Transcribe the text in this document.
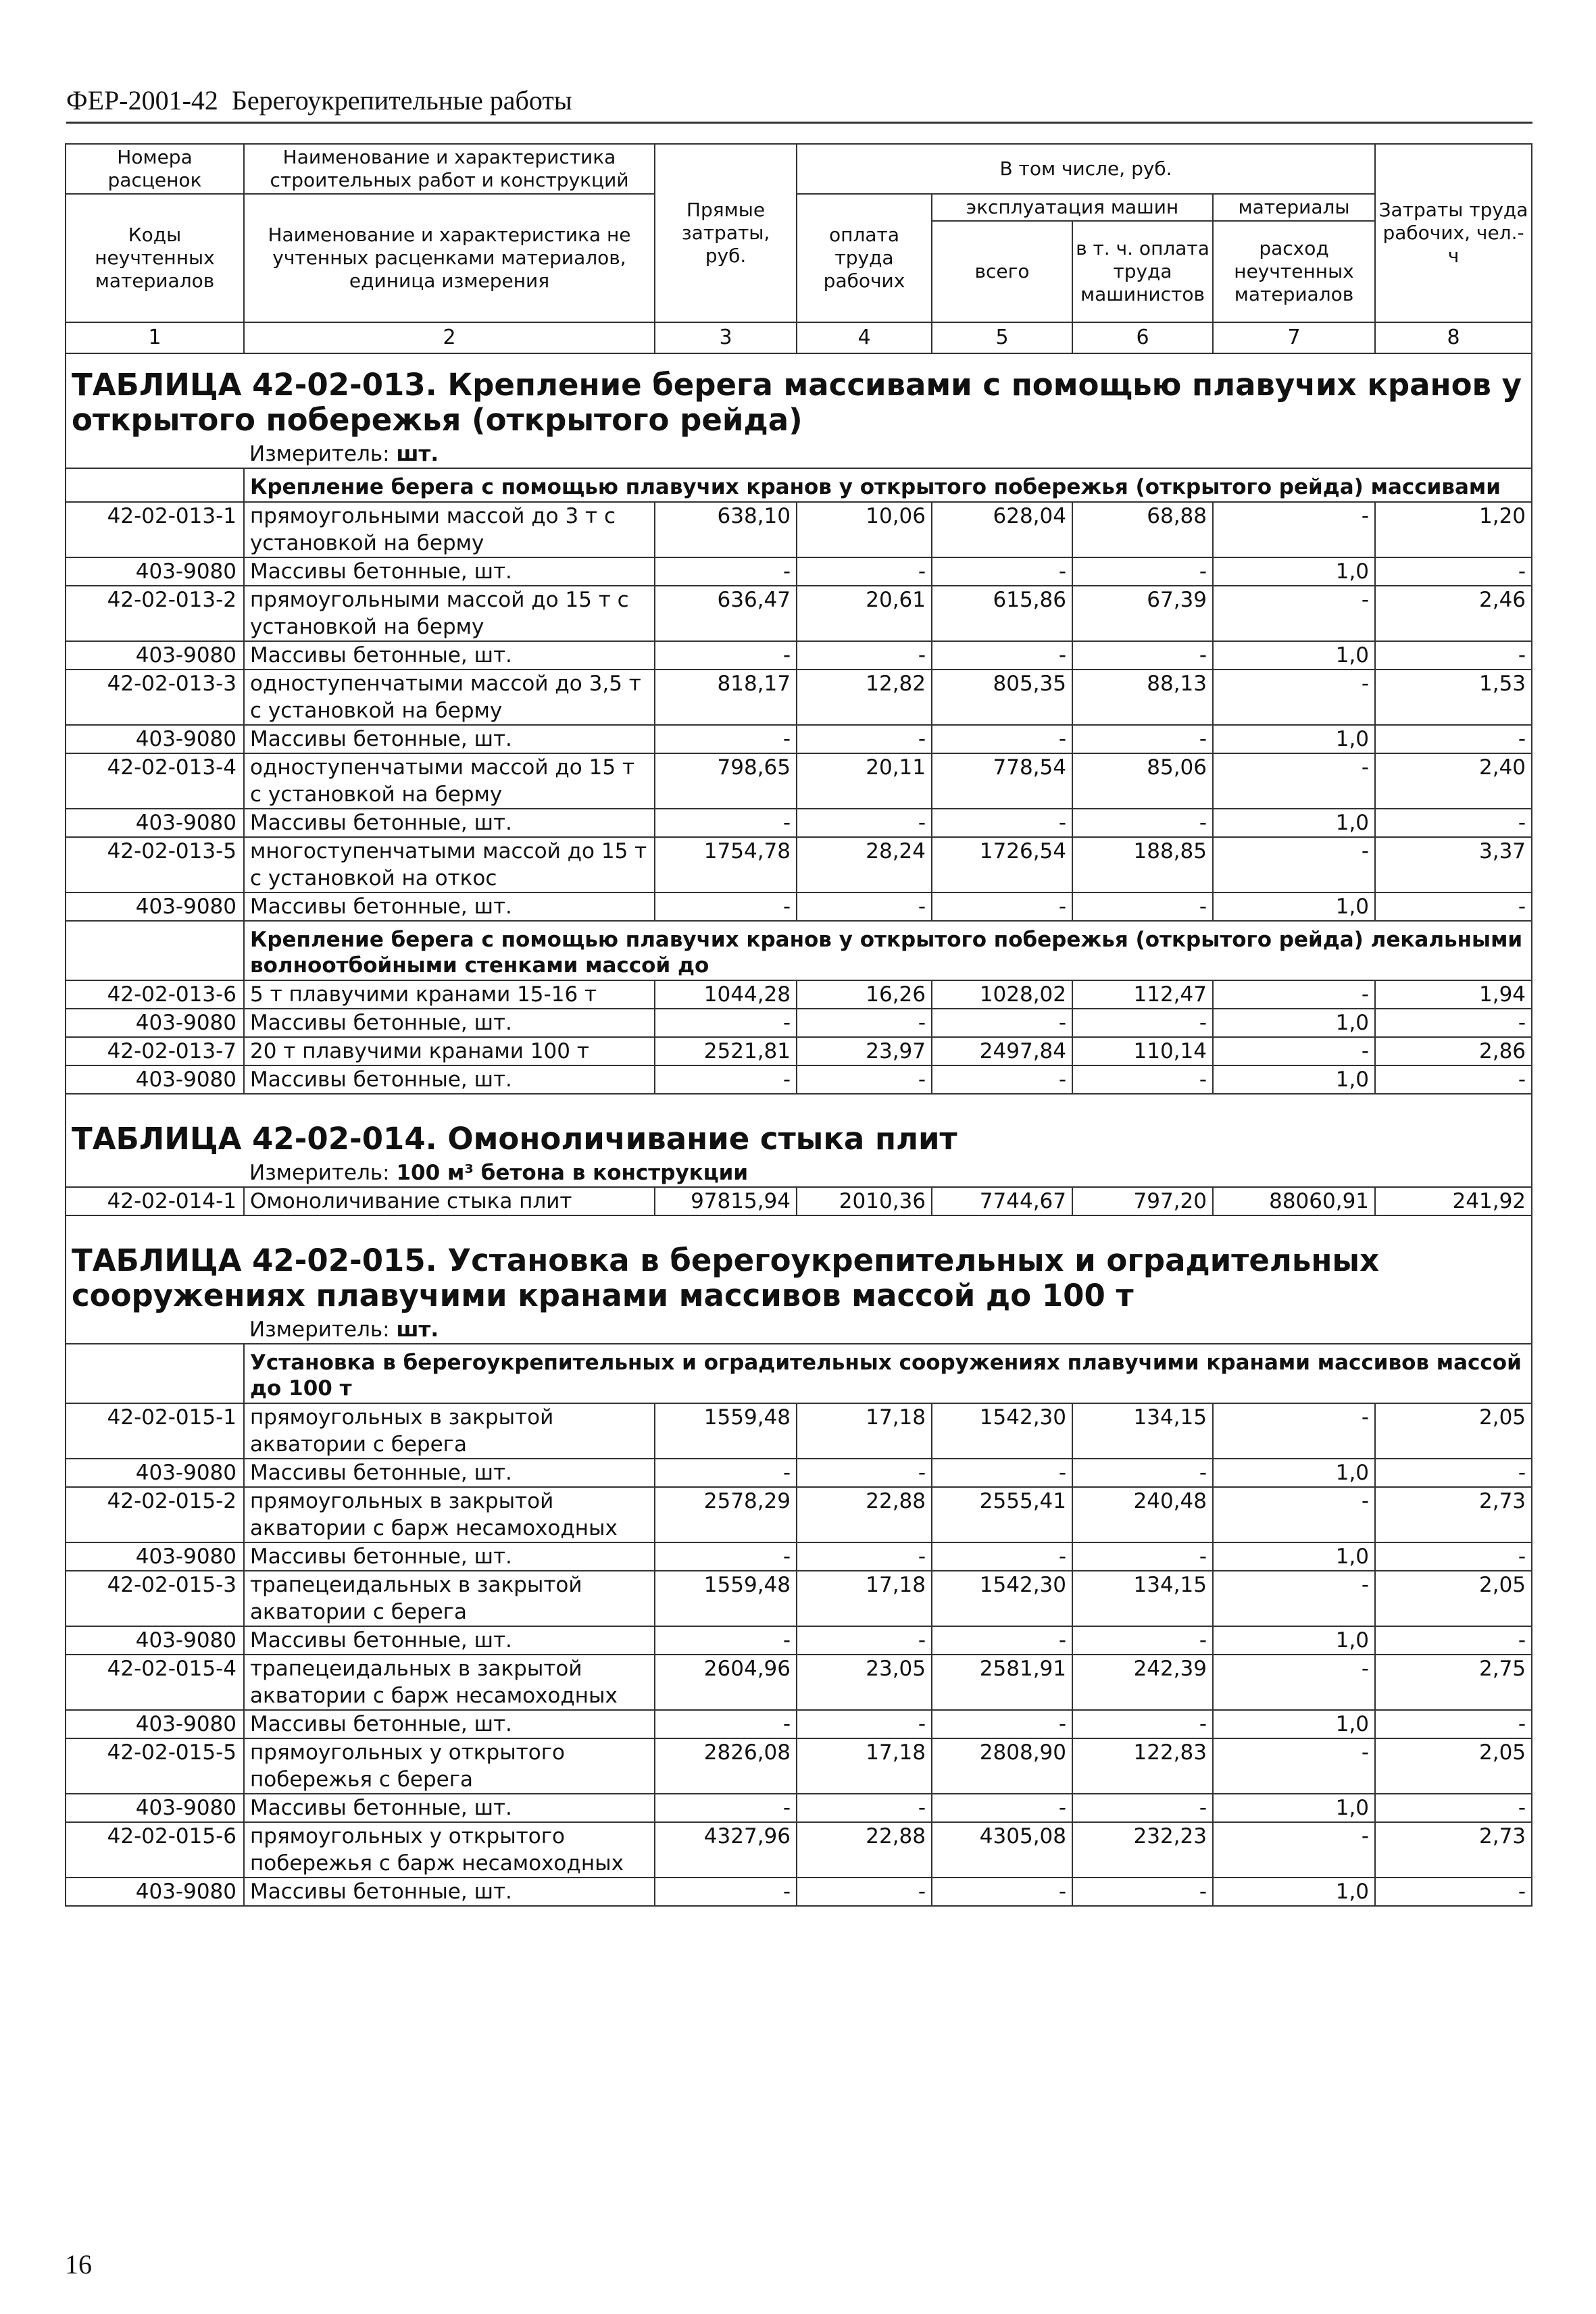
ФЕР-2001-42 Берегоукрепительные работы
Номера расценок	Наименование и характеристика строительных работ и конструкций	Прямые затраты, руб.	В том числе, руб.				Затраты труда рабочих, чел.-ч
Коды неучтенных материалов	Наименование и характеристика не учтенных расценками материалов, единица измерения		оплата труда рабочих	эксплуатация машин		материалы	
				всего	в т. ч. оплата труда машинистов	расход неучтенных материалов	
1	2	3	4	5	6	7	8
ТАБЛИЦА 42-02-013. Крепление берега массивами с помощью плавучих кранов у открытого побережья (открытого рейда)							
	Измеритель: шт.						
	Крепление берега с помощью плавучих кранов у открытого побережья (открытого рейда) массивами						
42-02-013-1	прямоугольными массой до 3 т с установкой на берму	638,10	10,06	628,04	68,88	-	1,20
403-9080	Массивы бетонные, шт.	-	-	-	-	1,0	-
42-02-013-2	прямоугольными массой до 15 т с установкой на берму	636,47	20,61	615,86	67,39	-	2,46
403-9080	Массивы бетонные, шт.	-	-	-	-	1,0	-
42-02-013-3	одноступенчатыми массой до 3,5 т с установкой на берму	818,17	12,82	805,35	88,13	-	1,53
403-9080	Массивы бетонные, шт.	-	-	-	-	1,0	-
42-02-013-4	одноступенчатыми массой до 15 т с установкой на берму	798,65	20,11	778,54	85,06	-	2,40
403-9080	Массивы бетонные, шт.	-	-	-	-	1,0	-
42-02-013-5	многоступенчатыми массой до 15 т с установкой на откос	1754,78	28,24	1726,54	188,85	-	3,37
403-9080	Массивы бетонные, шт.	-	-	-	-	1,0	-
	Крепление берега с помощью плавучих кранов у открытого побережья (открытого рейда) лекальными волноотбойными стенками массой до						
42-02-013-6	5 т плавучими кранами 15-16 т	1044,28	16,26	1028,02	112,47	-	1,94
403-9080	Массивы бетонные, шт.	-	-	-	-	1,0	-
42-02-013-7	20 т плавучими кранами 100 т	2521,81	23,97	2497,84	110,14	-	2,86
403-9080	Массивы бетонные, шт.	-	-	-	-	1,0	-
ТАБЛИЦА 42-02-014. Омоноличивание стыка плит							
	Измеритель: 100 м³ бетона в конструкции						
42-02-014-1	Омоноличивание стыка плит	97815,94	2010,36	7744,67	797,20	88060,91	241,92
ТАБЛИЦА 42-02-015. Установка в берегоукрепительных и оградительных сооружениях плавучими кранами массивов массой до 100 т							
	Измеритель: шт.						
	Установка в берегоукрепительных и оградительных сооружениях плавучими кранами массивов массой до 100 т						
42-02-015-1	прямоугольных в закрытой акватории с берега	1559,48	17,18	1542,30	134,15	-	2,05
403-9080	Массивы бетонные, шт.	-	-	-	-	1,0	-
42-02-015-2	прямоугольных в закрытой акватории с барж несамоходных	2578,29	22,88	2555,41	240,48	-	2,73
403-9080	Массивы бетонные, шт.	-	-	-	-	1,0	-
42-02-015-3	трапецеидальных в закрытой акватории с берега	1559,48	17,18	1542,30	134,15	-	2,05
403-9080	Массивы бетонные, шт.	-	-	-	-	1,0	-
42-02-015-4	трапецеидальных в закрытой акватории с барж несамоходных	2604,96	23,05	2581,91	242,39	-	2,75
403-9080	Массивы бетонные, шт.	-	-	-	-	1,0	-
42-02-015-5	прямоугольных у открытого побережья с берега	2826,08	17,18	2808,90	122,83	-	2,05
403-9080	Массивы бетонные, шт.	-	-	-	-	1,0	-
42-02-015-6	прямоугольных у открытого побережья с барж несамоходных	4327,96	22,88	4305,08	232,23	-	2,73
403-9080	Массивы бетонные, шт.	-	-	-	-	1,0	-
16
